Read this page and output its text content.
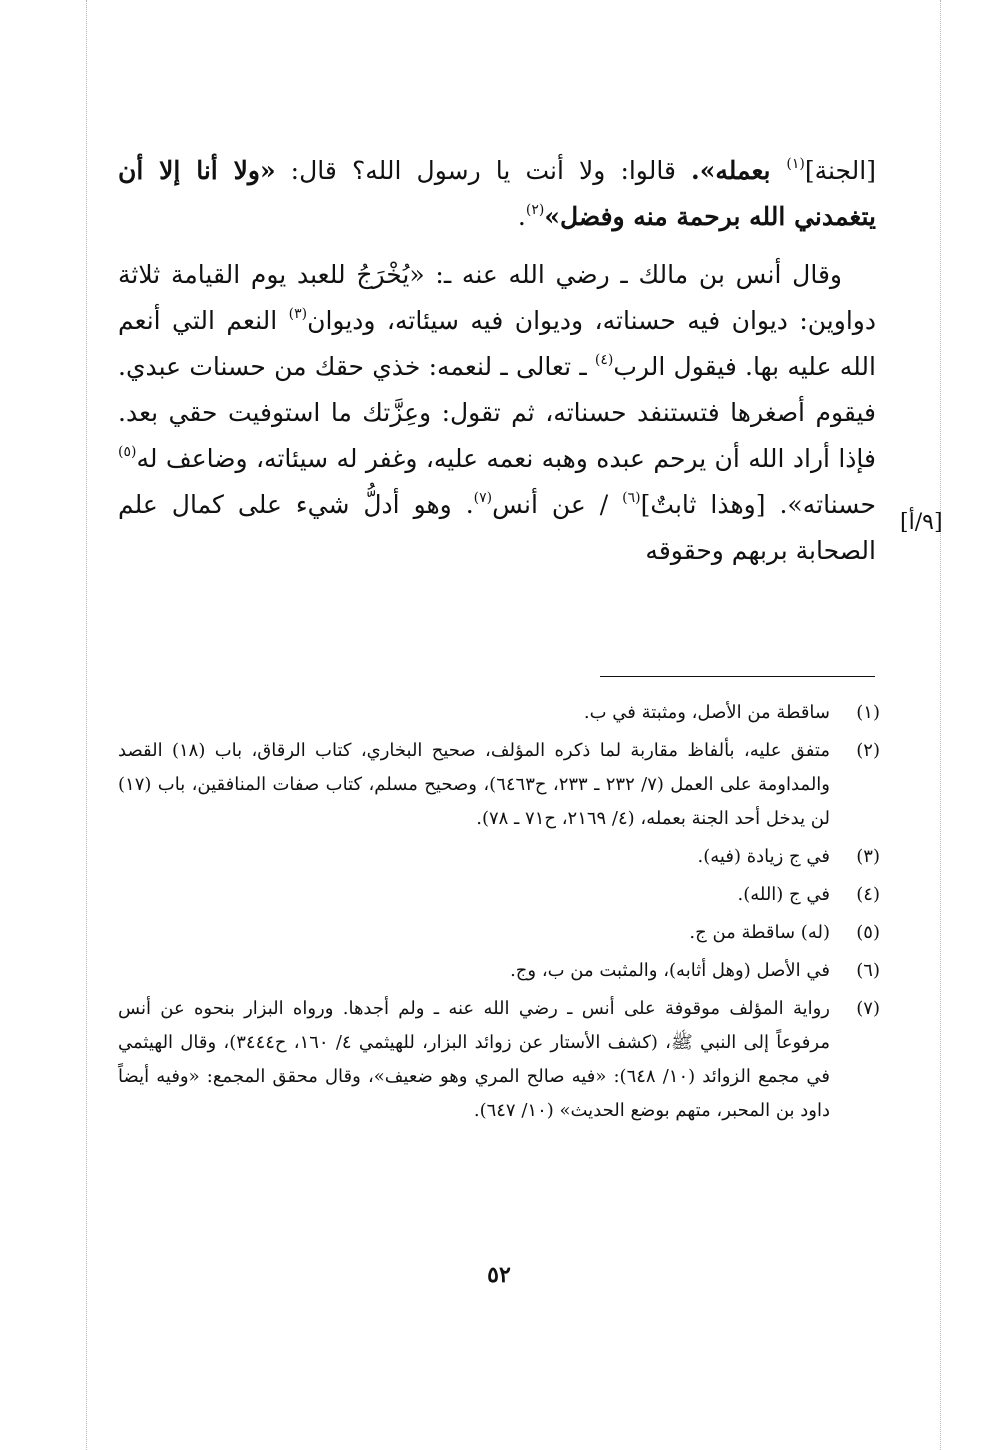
[الجنة]$^{(١)}$ بعمله». قالوا: ولا أنت يا رسول الله؟ قال: «ولا أنا إلا أن يتغمدني الله برحمة منه وفضل»$^{(٢)}$.

وقال أنس بن مالك ـ رضي الله عنه ـ: «يُخْرَجُ للعبد يوم القيامة ثلاثة دواوين: ديوان فيه حسناته، وديوان فيه سيئاته، وديوان$^{(٣)}$ النعم التي أنعم الله عليه بها. فيقول الرب$^{(٤)}$ ـ تعالى ـ لنعمه: خذي حقك من حسنات عبدي. فيقوم أصغرها فتستنفد حسناته، ثم تقول: وعِزَّتك ما استوفيت حقي بعد. فإذا أراد الله أن يرحم عبده وهبه نعمه عليه، وغفر له سيئاته، وضاعف له$^{(٥)}$ حسناته». [وهذا ثابتٌ]$^{(٦)}$ / عن أنس$^{(٧)}$. وهو أدلُّ شيء على كمال علم الصحابة بربهم وحقوقه

[٩/أ]
(١)
ساقطة من الأصل، ومثبتة في ب.
(٢)
متفق عليه، بألفاظ مقاربة لما ذكره المؤلف، صحيح البخاري، كتاب الرقاق، باب (١٨) القصد والمداومة على العمل (٧/ ٢٣٢ ـ ٢٣٣، ح٦٤٦٣)، وصحيح مسلم، كتاب صفات المنافقين، باب (١٧) لن يدخل أحد الجنة بعمله، (٤/ ٢١٦٩، ح٧١ ـ ٧٨).
(٣)
في ج زيادة (فيه).
(٤)
في ج (الله).
(٥)
(له) ساقطة من ج.
(٦)
في الأصل (وهل أثابه)، والمثبت من ب، وج.
(٧)
رواية المؤلف موقوفة على أنس ـ رضي الله عنه ـ ولم أجدها. ورواه البزار بنحوه عن أنس مرفوعاً إلى النبي ﷺ، (كشف الأستار عن زوائد البزار، للهيثمي ٤/ ١٦٠، ح٣٤٤٤)، وقال الهيثمي في مجمع الزوائد (١٠/ ٦٤٨): «فيه صالح المري وهو ضعيف»، وقال محقق المجمع: «وفيه أيضاً داود بن المحبر، متهم بوضع الحديث» (١٠/ ٦٤٧).
٥٢
